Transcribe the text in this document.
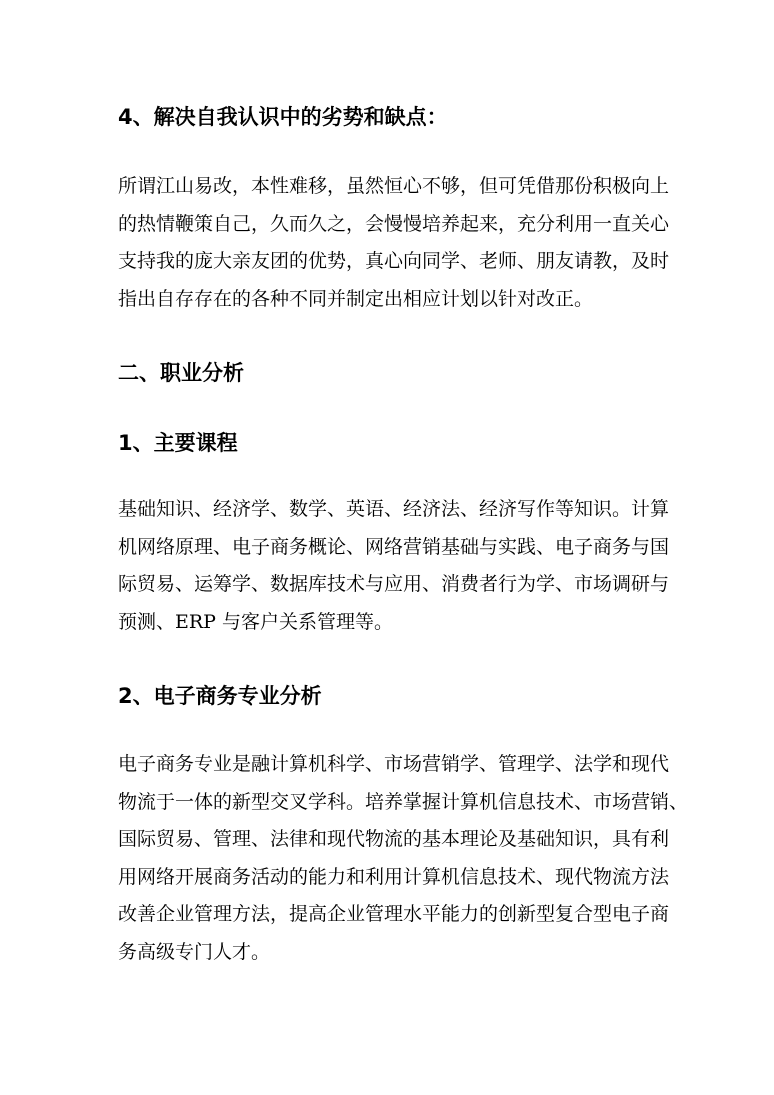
4、解决自我认识中的劣势和缺点：
所谓江山易改，本性难移，虽然恒心不够，但可凭借那份积极向上
的热情鞭策自己，久而久之，会慢慢培养起来，充分利用一直关心
支持我的庞大亲友团的优势，真心向同学、老师、朋友请教，及时
指出自存存在的各种不同并制定出相应计划以针对改正。
二、职业分析
1、主要课程
基础知识、经济学、数学、英语、经济法、经济写作等知识。计算
机网络原理、电子商务概论、网络营销基础与实践、电子商务与国
际贸易、运筹学、数据库技术与应用、消费者行为学、市场调研与
预测、ERP 与客户关系管理等。
2、电子商务专业分析
电子商务专业是融计算机科学、市场营销学、管理学、法学和现代
物流于一体的新型交叉学科。培养掌握计算机信息技术、市场营销、
国际贸易、管理、法律和现代物流的基本理论及基础知识，具有利
用网络开展商务活动的能力和利用计算机信息技术、现代物流方法
改善企业管理方法，提高企业管理水平能力的创新型复合型电子商
务高级专门人才。
